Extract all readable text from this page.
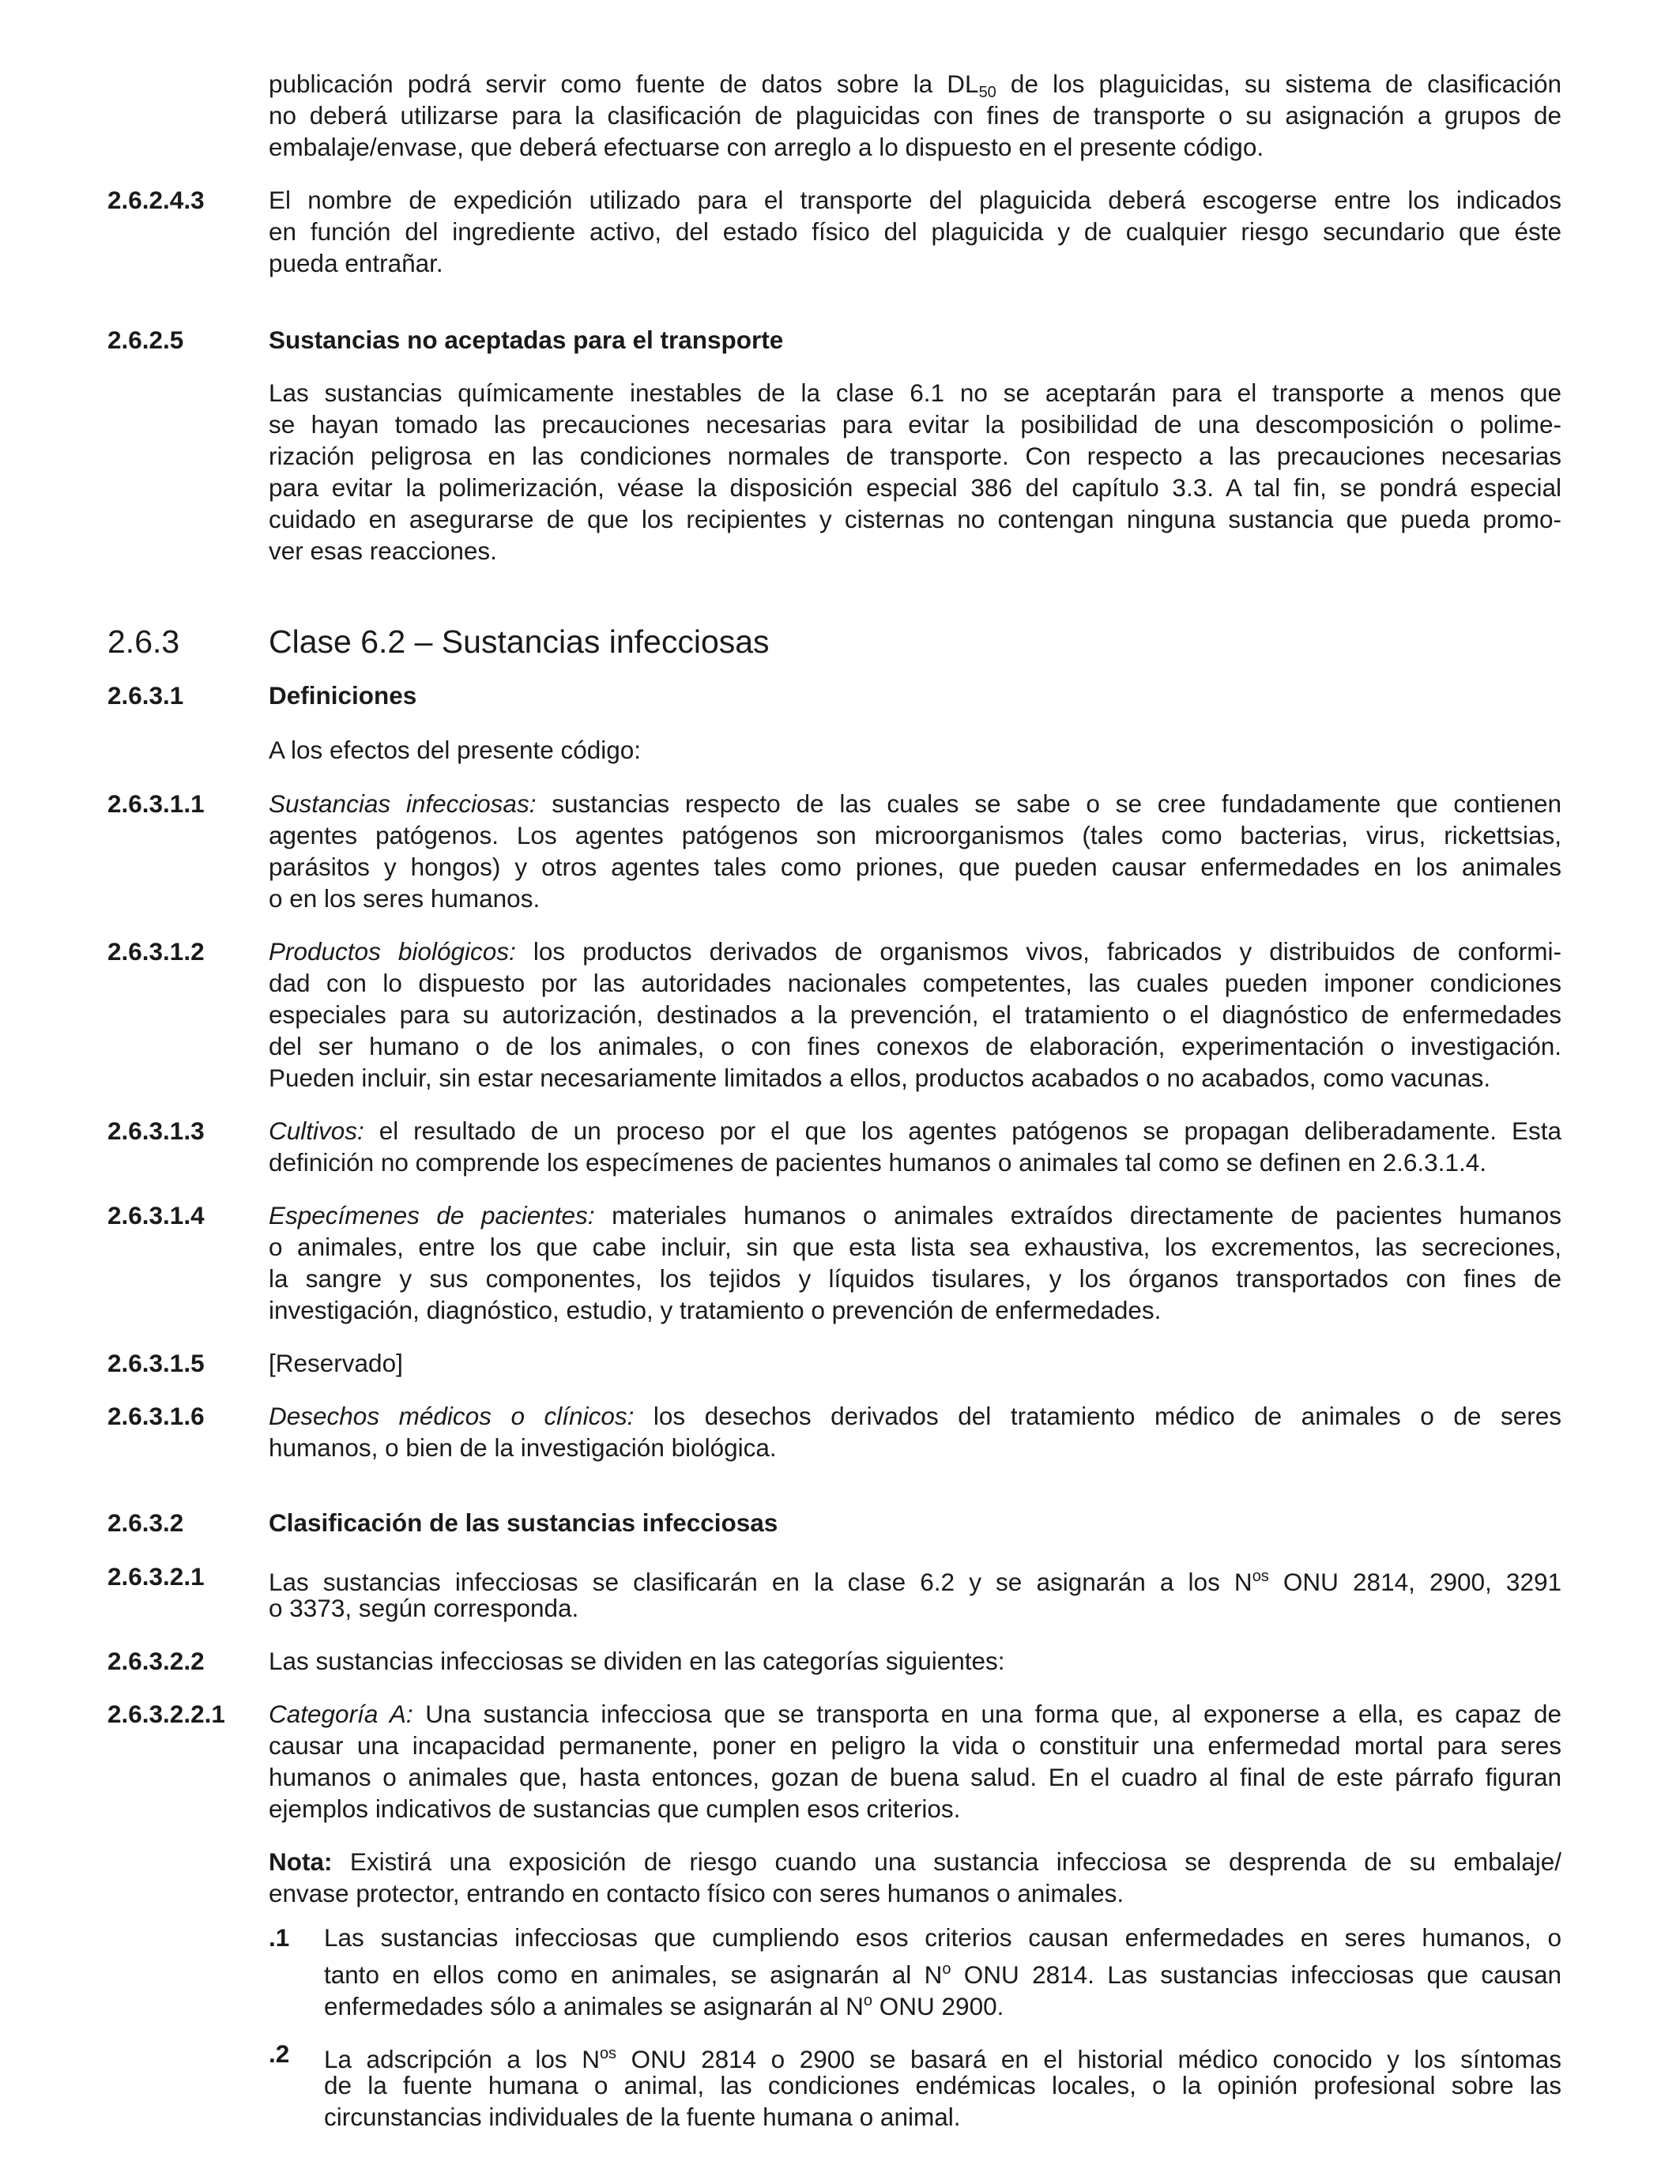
publicación podrá servir como fuente de datos sobre la $DL_{50}$ de los plaguicidas, su sistema de clasificación
no deberá utilizarse para la clasificación de plaguicidas con fines de transporte o su asignación a grupos de
embalaje/envase, que deberá efectuarse con arreglo a lo dispuesto en el presente código.
2.6.2.4.3	El nombre de expedición utilizado para el transporte del plaguicida deberá escogerse entre los indicados
en función del ingrediente activo, del estado físico del plaguicida y de cualquier riesgo secundario que éste
pueda entrañar.
2.6.2.5	Sustancias no aceptadas para el transporte
Las sustancias químicamente inestables de la clase 6.1 no se aceptarán para el transporte a menos que
se hayan tomado las precauciones necesarias para evitar la posibilidad de una descomposición o polime-
rización peligrosa en las condiciones normales de transporte. Con respecto a las precauciones necesarias
para evitar la polimerización, véase la disposición especial 386 del capítulo 3.3. A tal fin, se pondrá especial
cuidado en asegurarse de que los recipientes y cisternas no contengan ninguna sustancia que pueda promo-
ver esas reacciones.
2.6.3	Clase 6.2 – Sustancias infecciosas
2.6.3.1	Definiciones
A los efectos del presente código:
2.6.3.1.1	Sustancias infecciosas: sustancias respecto de las cuales se sabe o se cree fundadamente que contienen
agentes patógenos. Los agentes patógenos son microorganismos (tales como bacterias, virus, rickettsias,
parásitos y hongos) y otros agentes tales como priones, que pueden causar enfermedades en los animales
o en los seres humanos.
2.6.3.1.2	Productos biológicos: los productos derivados de organismos vivos, fabricados y distribuidos de conformi-
dad con lo dispuesto por las autoridades nacionales competentes, las cuales pueden imponer condiciones
especiales para su autorización, destinados a la prevención, el tratamiento o el diagnóstico de enfermedades
del ser humano o de los animales, o con fines conexos de elaboración, experimentación o investigación.
Pueden incluir, sin estar necesariamente limitados a ellos, productos acabados o no acabados, como vacunas.
2.6.3.1.3	Cultivos: el resultado de un proceso por el que los agentes patógenos se propagan deliberadamente. Esta
definición no comprende los especímenes de pacientes humanos o animales tal como se definen en 2.6.3.1.4.
2.6.3.1.4	Especímenes de pacientes: materiales humanos o animales extraídos directamente de pacientes humanos
o animales, entre los que cabe incluir, sin que esta lista sea exhaustiva, los excrementos, las secreciones,
la sangre y sus componentes, los tejidos y líquidos tisulares, y los órganos transportados con fines de
investigación, diagnóstico, estudio, y tratamiento o prevención de enfermedades.
2.6.3.1.5	[Reservado]
2.6.3.1.6	Desechos médicos o clínicos: los desechos derivados del tratamiento médico de animales o de seres
humanos, o bien de la investigación biológica.
2.6.3.2	Clasificación de las sustancias infecciosas
2.6.3.2.1	Las sustancias infecciosas se clasificarán en la clase 6.2 y se asignarán a los $N^{os}$ ONU 2814, 2900, 3291
o 3373, según corresponda.
2.6.3.2.2	Las sustancias infecciosas se dividen en las categorías siguientes:
2.6.3.2.2.1 Categoría A: Una sustancia infecciosa que se transporta en una forma que, al exponerse a ella, es capaz de
causar una incapacidad permanente, poner en peligro la vida o constituir una enfermedad mortal para seres
humanos o animales que, hasta entonces, gozan de buena salud. En el cuadro al final de este párrafo figuran
ejemplos indicativos de sustancias que cumplen esos criterios.
Nota: Existirá una exposición de riesgo cuando una sustancia infecciosa se desprenda de su embalaje/
envase protector, entrando en contacto físico con seres humanos o animales.
.1 Las sustancias infecciosas que cumpliendo esos criterios causan enfermedades en seres humanos, o
tanto en ellos como en animales, se asignarán al $N^o$ ONU 2814. Las sustancias infecciosas que causan
enfermedades sólo a animales se asignarán al $N^o$ ONU 2900.
.2 La adscripción a los $N^{os}$ ONU 2814 o 2900 se basará en el historial médico conocido y los síntomas
de la fuente humana o animal, las condiciones endémicas locales, o la opinión profesional sobre las
circunstancias individuales de la fuente humana o animal.
